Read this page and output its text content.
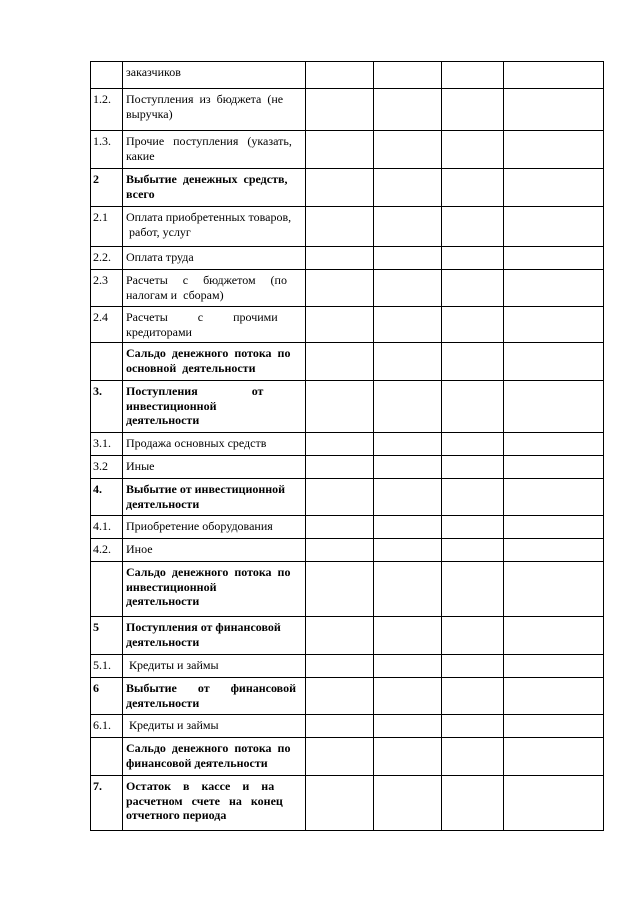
	заказчиков				

1.2.	Поступления  из  бюджета  (не
выручка)				

1.3.	Прочие   поступления   (указать,
какие				

2	Выбытие  денежных  средств,
всего				

2.1	Оплата приобретенных товаров,
работ, услуг				

2.2.	Оплата труда				

2.3	Расчеты     с     бюджетом     (по
налогам и  сборам)				

2.4	Расчеты          с          прочими
кредиторами				

	Сальдо  денежного  потока  по
основной  деятельности				

3.	Поступления                  от
инвестиционной
деятельности				

3.1.	Продажа основных средств				

3.2	Иные				

4.	Выбытие от инвестиционной
деятельности				

4.1.	Приобретение оборудования				

4.2.	Иное				

	Сальдо  денежного  потока  по
инвестиционной
деятельности				

5	Поступления от финансовой
деятельности				

5.1.	Кредиты и займы				

6	Выбытие       от       финансовой
деятельности				

6.1.	Кредиты и займы				

	Сальдо  денежного  потока  по
финансовой деятельности				

7.	Остаток    в    кассе    и    на
расчетном   счете   на   конец
отчетного периода				
